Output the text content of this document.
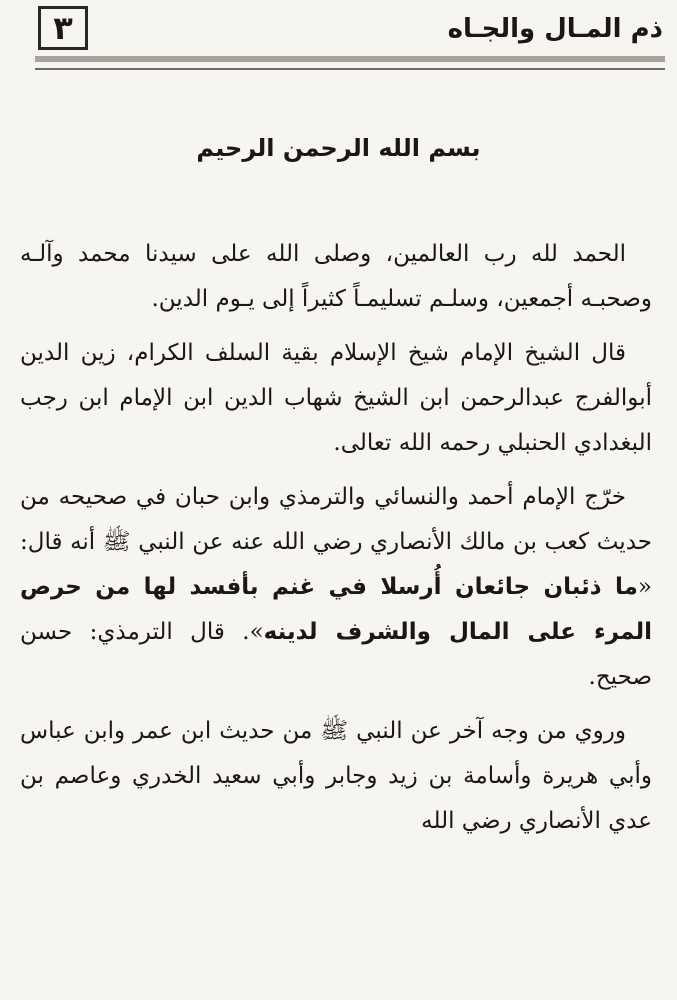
٣	ذم المـال والجـاه
بسم الله الرحمن الرحيم

الحمد لله رب العالمين، وصلى الله على سيدنا محمد وآلـه وصحبـه أجمعين، وسلـم تسليمـاً كثيراً إلى يـوم الدين.

قال الشيخ الإمام شيخ الإسلام بقية السلف الكرام، زين الدين أبوالفرج عبدالرحمن ابن الشيخ شهاب الدين ابن الإمام ابن رجب البغدادي الحنبلي رحمه الله تعالى.

خرّج الإمام أحمد والنسائي والترمذي وابن حبان في صحيحه من حديث كعب بن مالك الأنصاري رضي الله عنه عن النبي ﷺ أنه قال: «ما ذئبان جائعان أُرسلا في غنم بأفسد لها من حرص المرء على المال والشرف لدينه». قال الترمذي: حسن صحيح.

وروي من وجه آخر عن النبي ﷺ من حديث ابن عمر وابن عباس وأبي هريرة وأسامة بن زيد وجابر وأبي سعيد الخدري وعاصم بن عدي الأنصاري رضي الله
